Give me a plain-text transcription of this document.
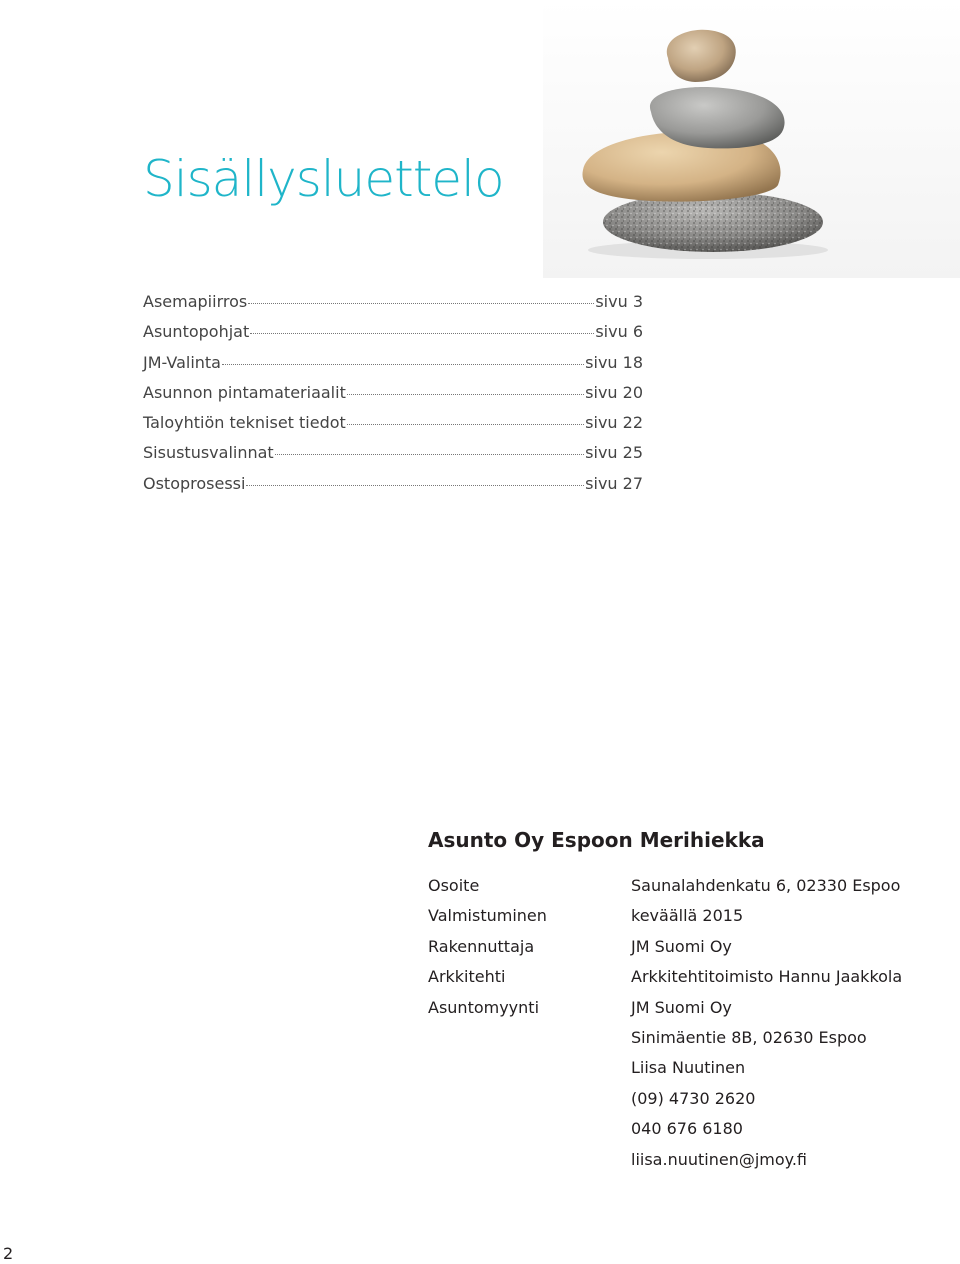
Sisällysluettelo
Asemapiirros	sivu 3
Asuntopohjat	sivu 6
JM-Valinta	sivu 18
Asunnon pintamateriaalit	sivu 20
Taloyhtiön tekniset tiedot	sivu 22
Sisustusvalinnat	sivu 25
Ostoprosessi	sivu 27
Asunto Oy Espoon Merihiekka
Osoite	Saunalahdenkatu 6, 02330 Espoo
Valmistuminen	keväällä 2015
Rakennuttaja	JM Suomi Oy
Arkkitehti	Arkkitehtitoimisto Hannu Jaakkola
Asuntomyynti	JM Suomi Oy
Sinimäentie 8B, 02630 Espoo
Liisa Nuutinen
(09) 4730 2620
040 676 6180
liisa.nuutinen@jmoy.fi
2
